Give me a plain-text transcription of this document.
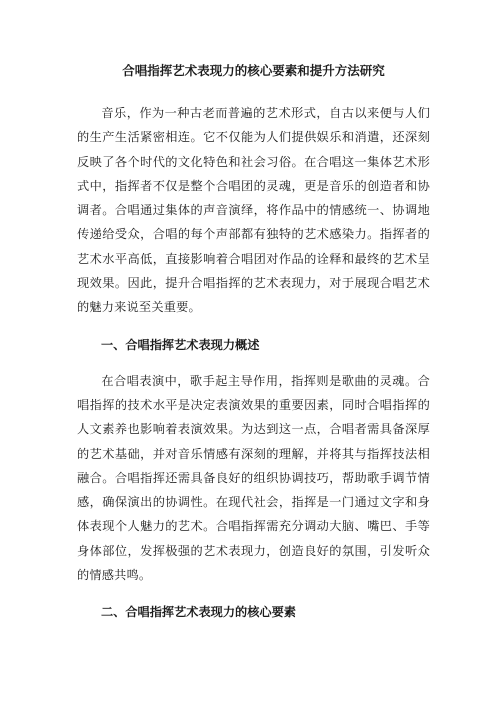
合唱指挥艺术表现力的核心要素和提升方法研究

音乐，作为一种古老而普遍的艺术形式，自古以来便与人们的生产生活紧密相连。它不仅能为人们提供娱乐和消遣，还深刻反映了各个时代的文化特色和社会习俗。在合唱这一集体艺术形式中，指挥者不仅是整个合唱团的灵魂，更是音乐的创造者和协调者。合唱通过集体的声音演绎，将作品中的情感统一、协调地传递给受众，合唱的每个声部都有独特的艺术感染力。指挥者的艺术水平高低，直接影响着合唱团对作品的诠释和最终的艺术呈现效果。因此，提升合唱指挥的艺术表现力，对于展现合唱艺术的魅力来说至关重要。

一、合唱指挥艺术表现力概述

在合唱表演中，歌手起主导作用，指挥则是歌曲的灵魂。合唱指挥的技术水平是决定表演效果的重要因素，同时合唱指挥的人文素养也影响着表演效果。为达到这一点，合唱者需具备深厚的艺术基础，并对音乐情感有深刻的理解，并将其与指挥技法相融合。合唱指挥还需具备良好的组织协调技巧，帮助歌手调节情感，确保演出的协调性。在现代社会，指挥是一门通过文字和身体表现个人魅力的艺术。合唱指挥需充分调动大脑、嘴巴、手等身体部位，发挥极强的艺术表现力，创造良好的氛围，引发听众的情感共鸣。

二、合唱指挥艺术表现力的核心要素
